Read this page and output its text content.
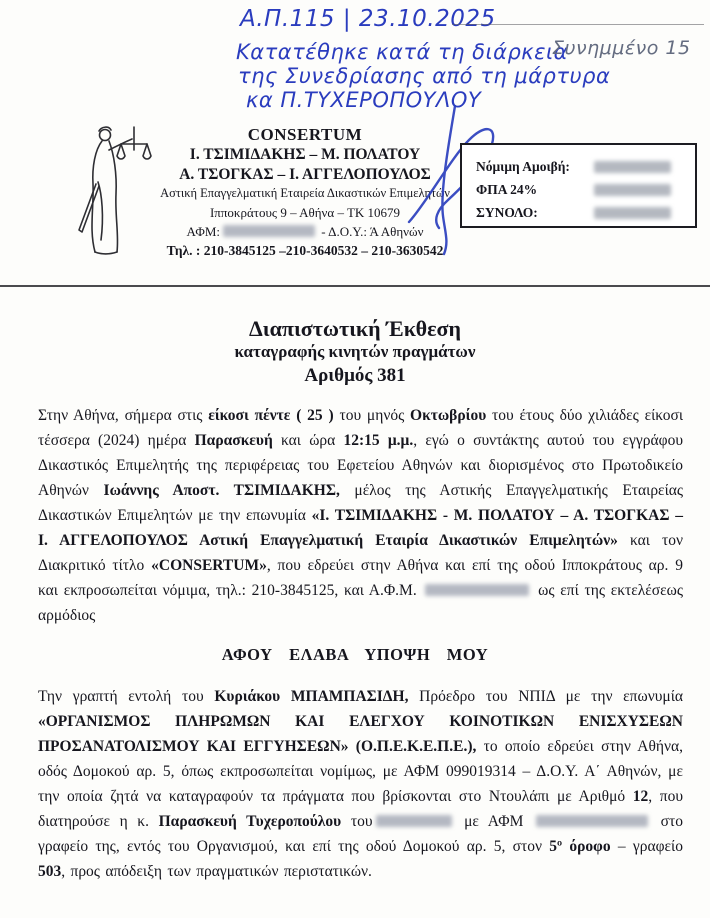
Α.Π.115 | 23.10.2025
Κατατέθηκε κατά τη διάρκεια
Συνημμένο 15
της Συνεδρίασης από τη μάρτυρα
κα Π.ΤΥΧΕΡΟΠΟΥΛΟΥ
CONSERTUM
Ι. ΤΣΙΜΙΔΑΚΗΣ – Μ. ΠΟΛΑΤΟΥ
Α. ΤΣΟΓΚΑΣ – Ι. ΑΓΓΕΛΟΠΟΥΛΟΣ
Αστική Επαγγελματική Εταιρεία Δικαστικών Επιμελητών
Ιπποκράτους 9 – Αθήνα – ΤΚ 10679
ΑΦΜ:	- Δ.Ο.Υ.: Ά Αθηνών
Τηλ. : 210-3845125 –210-3640532 – 210-3630542
Νόμιμη Αμοιβή:
ΦΠΑ 24%
ΣΥΝΟΛΟ:
Διαπιστωτική Έκθεση
καταγραφής κινητών πραγμάτων
Αριθμός 381
Στην Αθήνα, σήμερα στις είκοσι πέντε ( 25 ) του μηνός Οκτωβρίου του έτους δύο χιλιάδες είκοσι τέσσερα (2024) ημέρα Παρασκευή και ώρα 12:15 μ.μ., εγώ ο συντάκτης αυτού του εγγράφου Δικαστικός Επιμελητής της περιφέρειας του Εφετείου Αθηνών και διορισμένος στο Πρωτοδικείο Αθηνών Ιωάννης Αποστ. ΤΣΙΜΙΔΑΚΗΣ, μέλος της Αστικής Επαγγελματικής Εταιρείας Δικαστικών Επιμελητών με την επωνυμία «Ι. ΤΣΙΜΙΔΑΚΗΣ - Μ. ΠΟΛΑΤΟΥ – Α. ΤΣΟΓΚΑΣ – Ι. ΑΓΓΕΛΟΠΟΥΛΟΣ Αστική Επαγγελματική Εταιρία Δικαστικών Επιμελητών» και τον Διακριτικό τίτλο «CONSERTUM», που εδρεύει στην Αθήνα και επί της οδού Ιπποκράτους αρ. 9 και εκπροσωπείται νόμιμα, τηλ.: 210-3845125, και Α.Φ.Μ.	ως επί της εκτελέσεως αρμόδιος
ΑΦΟΥ ΕΛΑΒΑ ΥΠΟΨΗ ΜΟΥ
Την γραπτή εντολή του Κυριάκου ΜΠΑΜΠΑΣΙΔΗ, Πρόεδρο του ΝΠΙΔ με την επωνυμία «ΟΡΓΑΝΙΣΜΟΣ ΠΛΗΡΩΜΩΝ ΚΑΙ ΕΛΕΓΧΟΥ ΚΟΙΝΟΤΙΚΩΝ ΕΝΙΣΧΥΣΕΩΝ ΠΡΟΣΑΝΑΤΟΛΙΣΜΟΥ ΚΑΙ ΕΓΓΥΗΣΕΩΝ» (Ο.Π.Ε.Κ.Ε.Π.Ε.), το οποίο εδρεύει στην Αθήνα, οδός Δομοκού αρ. 5, όπως εκπροσωπείται νομίμως, με ΑΦΜ 099019314 – Δ.Ο.Υ. Α΄ Αθηνών, με την οποία ζητά να καταγραφούν τα πράγματα που βρίσκονται στο Ντουλάπι με Αριθμό 12, που διατηρούσε η κ. Παρασκευή Τυχεροπούλου του	με ΑΦΜ	στο γραφείο της, εντός του Οργανισμού, και επί της οδού Δομοκού αρ. 5, στον 5º όροφο – γραφείο 503, προς απόδειξη των πραγματικών περιστατικών.
